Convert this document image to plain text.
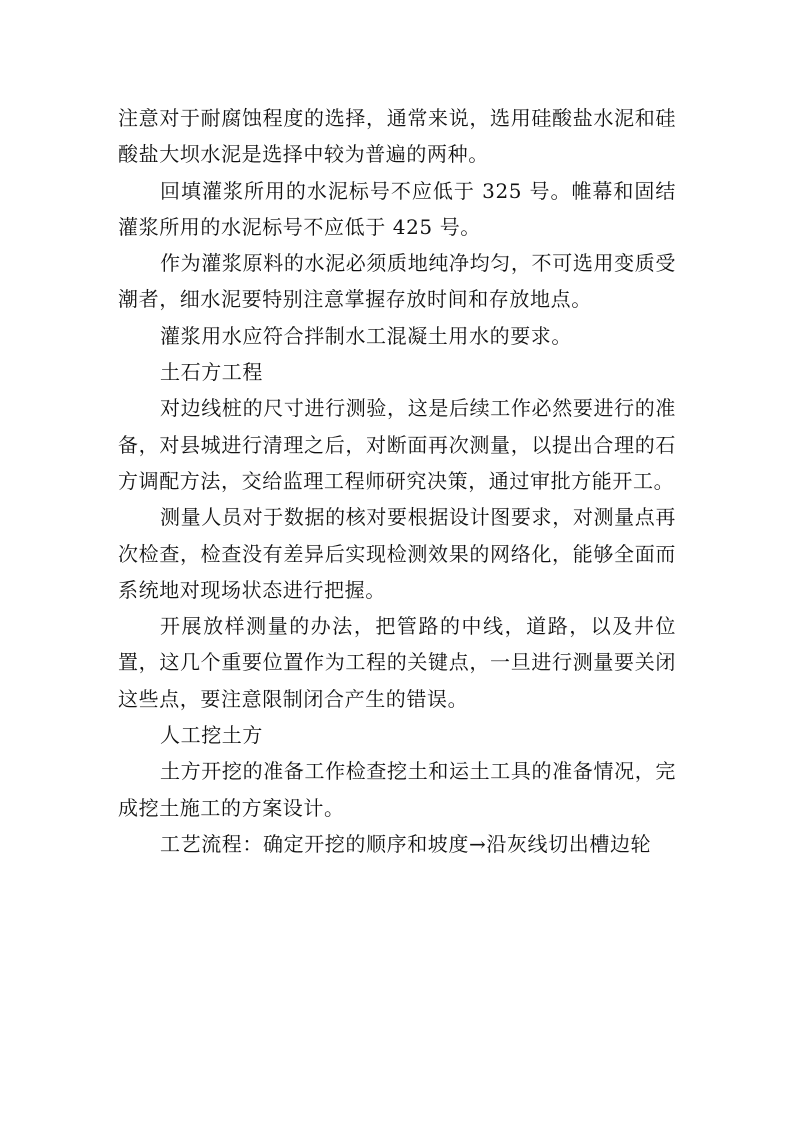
注意对于耐腐蚀程度的选择，通常来说，选用硅酸盐水泥和硅酸盐大坝水泥是选择中较为普遍的两种。

回填灌浆所用的水泥标号不应低于 325 号。帷幕和固结灌浆所用的水泥标号不应低于 425 号。

作为灌浆原料的水泥必须质地纯净均匀，不可选用变质受潮者，细水泥要特别注意掌握存放时间和存放地点。

灌浆用水应符合拌制水工混凝土用水的要求。

土石方工程

对边线桩的尺寸进行测验，这是后续工作必然要进行的准备，对县城进行清理之后，对断面再次测量，以提出合理的石方调配方法，交给监理工程师研究决策，通过审批方能开工。

测量人员对于数据的核对要根据设计图要求，对测量点再次检查，检查没有差异后实现检测效果的网络化，能够全面而系统地对现场状态进行把握。

开展放样测量的办法，把管路的中线，道路，以及井位置，这几个重要位置作为工程的关键点，一旦进行测量要关闭这些点，要注意限制闭合产生的错误。

人工挖土方

土方开挖的准备工作检查挖土和运土工具的准备情况，完成挖土施工的方案设计。

工艺流程：确定开挖的顺序和坡度→沿灰线切出槽边轮
